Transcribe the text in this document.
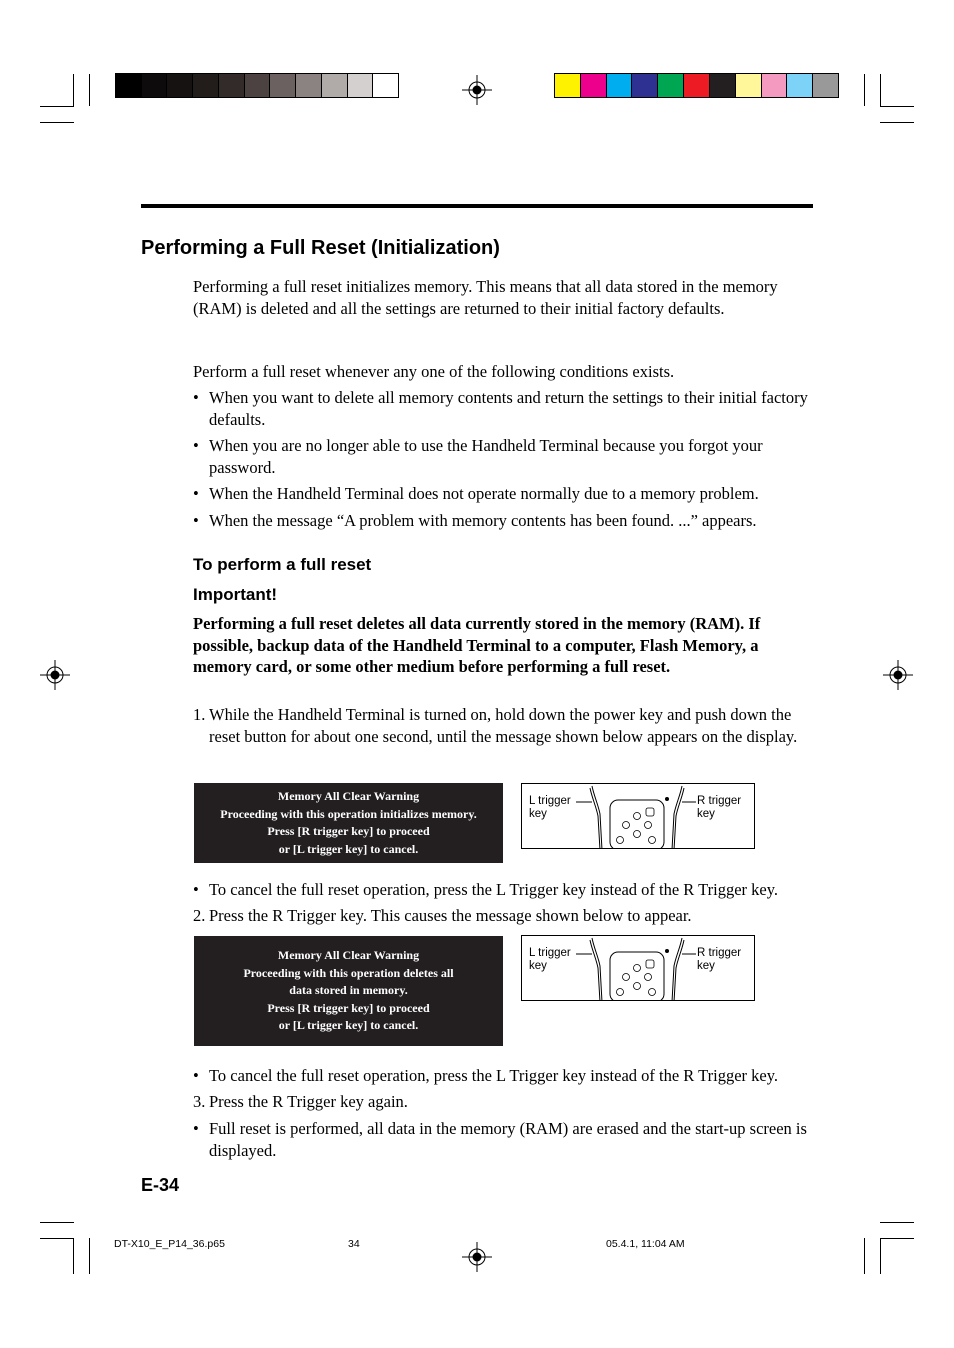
Performing a Full Reset (Initialization)

Performing a full reset initializes memory. This means that all data stored in the memory (RAM) is deleted and all the settings are returned to their initial factory defaults.

Perform a full reset whenever any one of the following conditions exists.

• When you want to delete all memory contents and return the settings to their initial factory defaults.
• When you are no longer able to use the Handheld Terminal because you forgot your password.
• When the Handheld Terminal does not operate normally due to a memory problem.
• When the message “A problem with memory contents has been found. ...” appears.
To perform a full reset
Important!

Performing a full reset deletes all data currently stored in the memory (RAM). If possible, backup data of the Handheld Terminal to a computer, Flash Memory, a memory card, or some other medium before performing a full reset.

1. While the Handheld Terminal is turned on, hold down the power key and push down the reset button for about one second, until the message shown below appears on the display.
Memory All Clear Warning
Proceeding with this operation initializes memory.
Press [R trigger key] to proceed
or [L trigger key] to cancel.
L trigger
key
R trigger
key
• To cancel the full reset operation, press the L Trigger key instead of the R Trigger key.
2. Press the R Trigger key. This causes the message shown below to appear.
Memory All Clear Warning
Proceeding with this operation deletes all
data stored in memory.
Press [R trigger key] to proceed
or [L trigger key] to cancel.
L trigger
key
R trigger
key
• To cancel the full reset operation, press the L Trigger key instead of the R Trigger key.
3. Press the R Trigger key again.
• Full reset is performed, all data in the memory (RAM) are erased and the start-up screen is displayed.
E-34
DT-X10_E_P14_36.p65	34	05.4.1, 11:04 AM
